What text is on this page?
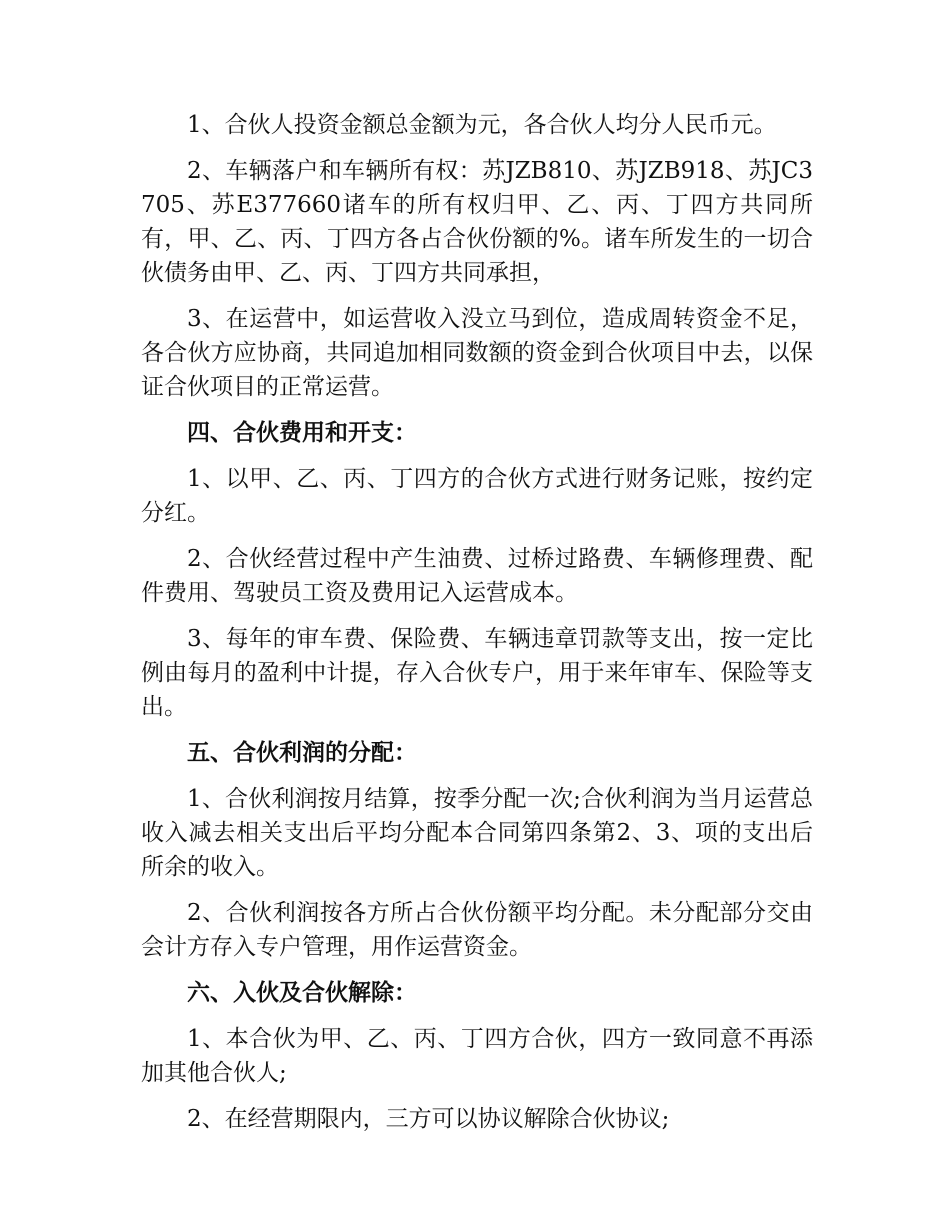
1、合伙人投资金额总金额为元，各合伙人均分人民币元。

2、车辆落户和车辆所有权：苏JZB810、苏JZB918、苏JC3705、苏E377660诸车的所有权归甲、乙、丙、丁四方共同所有，甲、乙、丙、丁四方各占合伙份额的%。诸车所发生的一切合伙债务由甲、乙、丙、丁四方共同承担，

3、在运营中，如运营收入没立马到位，造成周转资金不足，各合伙方应协商，共同追加相同数额的资金到合伙项目中去，以保证合伙项目的正常运营。

四、合伙费用和开支：

1、以甲、乙、丙、丁四方的合伙方式进行财务记账，按约定分红。

2、合伙经营过程中产生油费、过桥过路费、车辆修理费、配件费用、驾驶员工资及费用记入运营成本。

3、每年的审车费、保险费、车辆违章罚款等支出，按一定比例由每月的盈利中计提，存入合伙专户，用于来年审车、保险等支出。

五、合伙利润的分配：

1、合伙利润按月结算，按季分配一次;合伙利润为当月运营总收入减去相关支出后平均分配本合同第四条第2、3、项的支出后所余的收入。

2、合伙利润按各方所占合伙份额平均分配。未分配部分交由会计方存入专户管理，用作运营资金。

六、入伙及合伙解除：

1、本合伙为甲、乙、丙、丁四方合伙，四方一致同意不再添加其他合伙人;

2、在经营期限内，三方可以协议解除合伙协议;
